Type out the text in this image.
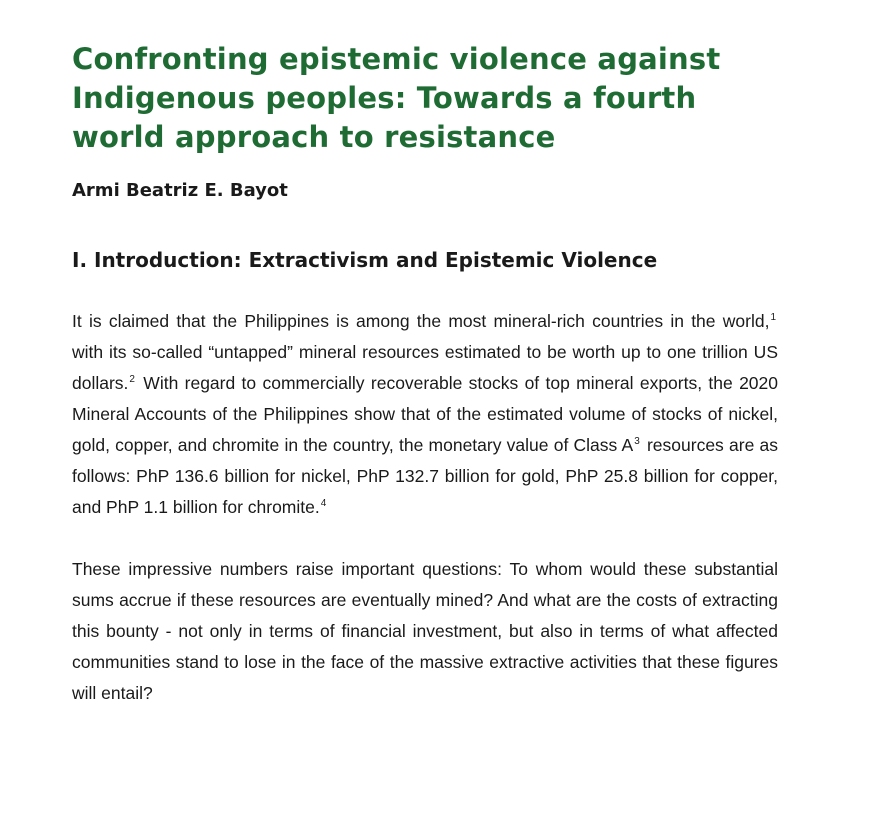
Confronting epistemic violence against Indigenous peoples: Towards a fourth world approach to resistance
Armi Beatriz E. Bayot
I. Introduction: Extractivism and Epistemic Violence

It is claimed that the Philippines is among the most mineral-rich countries in the world,$^1$ with its so-called “untapped” mineral resources estimated to be worth up to one trillion US dollars.$^2$ With regard to commercially recoverable stocks of top mineral exports, the 2020 Mineral Accounts of the Philippines show that of the estimated volume of stocks of nickel, gold, copper, and chromite in the country, the monetary value of Class $A^3$ resources are as follows: PhP 136.6 billion for nickel, PhP 132.7 billion for gold, PhP 25.8 billion for copper, and PhP 1.1 billion for chromite.$^4$

These impressive numbers raise important questions: To whom would these substantial sums accrue if these resources are eventually mined? And what are the costs of extracting this bounty - not only in terms of financial investment, but also in terms of what affected communities stand to lose in the face of the massive extractive activities that these figures will entail?
